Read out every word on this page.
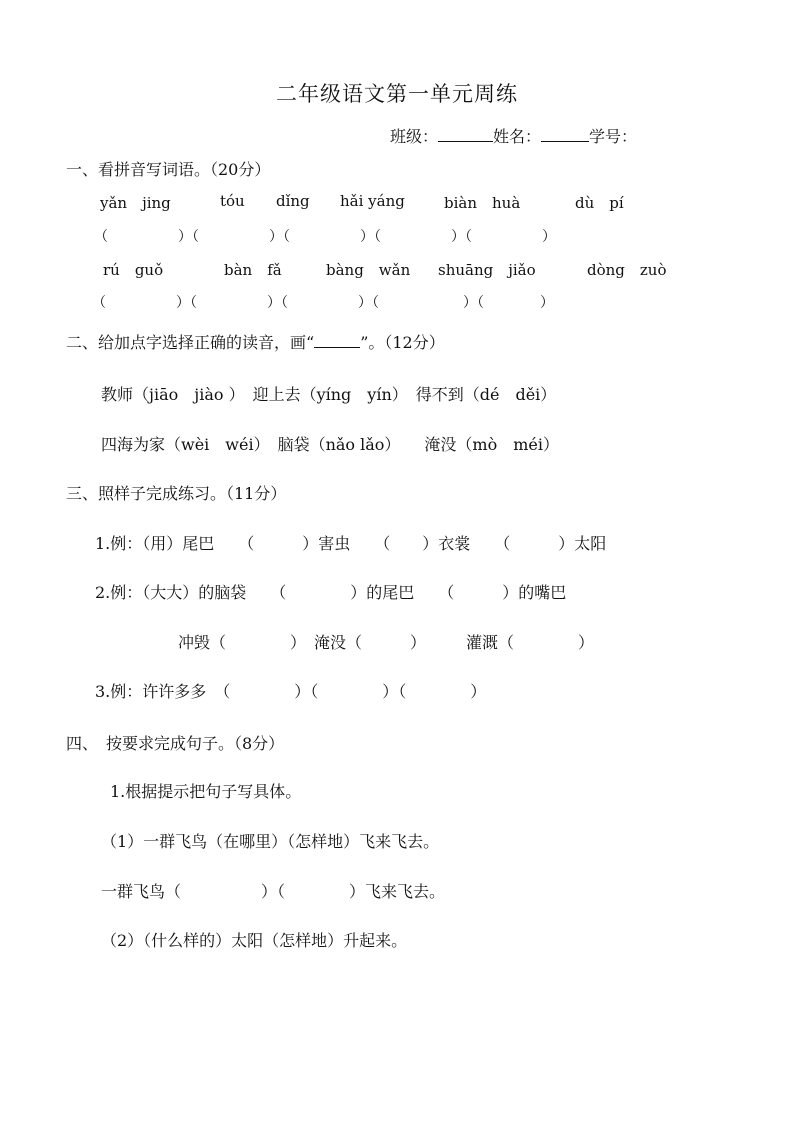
二年级语文第一单元周练
班级：	姓名：	学号：
一、看拼音写词语。（20分）
yǎn　jing	tóu dǐng hǎi yáng	biàn　huà	dù　pí
（　　　　　）（　　　　　）（　　　　　）（　　　　　）（　　　　　）
rú　guǒ	bàn　fǎ	bàng　wǎn shuāng　jiǎo	dòng　zuò
（　　　　　）（　　　　　）（　　　　　）（　　　　　　）（　　　　）
二、给加点字选择正确的读音，画“	”。（12分）
教师（jiāo　jiào ）　迎上去（yíng　yín）　得不到（dé　děi）
四海为家（wèi　wéi）　脑袋（nǎo lǎo）　　淹没（mò　méi）
三、照样子完成练习。（11分）
1.例：（用）尾巴　　（　　　）害虫　　（　　）衣裳　　（　　　）太阳
2.例：（大大）的脑袋　　（　　　　）的尾巴　　（　　　）的嘴巴
冲毁（　　　　）　淹没（　　　）　　　灌溉（　　　　）
3.例：许许多多　（　　　　）（　　　　）（　　　　）
四、　按要求完成句子。（8分）
1.根据提示把句子写具体。
（1）一群飞鸟（在哪里）（怎样地）飞来飞去。
一群飞鸟（　　　　　）（　　　　）飞来飞去。
（2）（什么样的）太阳（怎样地）升起来。
